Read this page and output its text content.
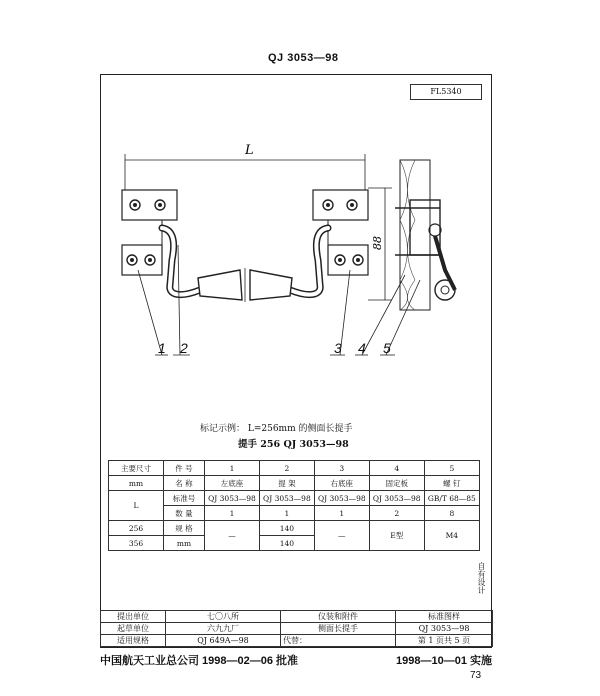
QJ 3053—98
FL5340
L
88
1 2	3 4 5
标记示例： L=256mm 的侧面长提手
提手 256 QJ 3053—98
主要尺寸	件 号	1	2	3	4	5
mm	名 称	左底座	提 架	右底座	固定板	螺 钉
L	标准号	QJ 3053—98	QJ 3053—98	QJ 3053—98	QJ 3053—98	GB/T 68—85
	数 量	1	1	1	2	8
256	规 格	—	140	—	E型	M4
356	mm		140			
自有设计
提出单位	七〇八所	仪装和附件	标准图样
起草单位	六九九厂	侧面长提手	QJ 3053—98
适用规格	QJ 649A—98	代替：	第 1 页共 5 页
中国航天工业总公司 1998—02—06 批准	1998—10—01 实施
73
